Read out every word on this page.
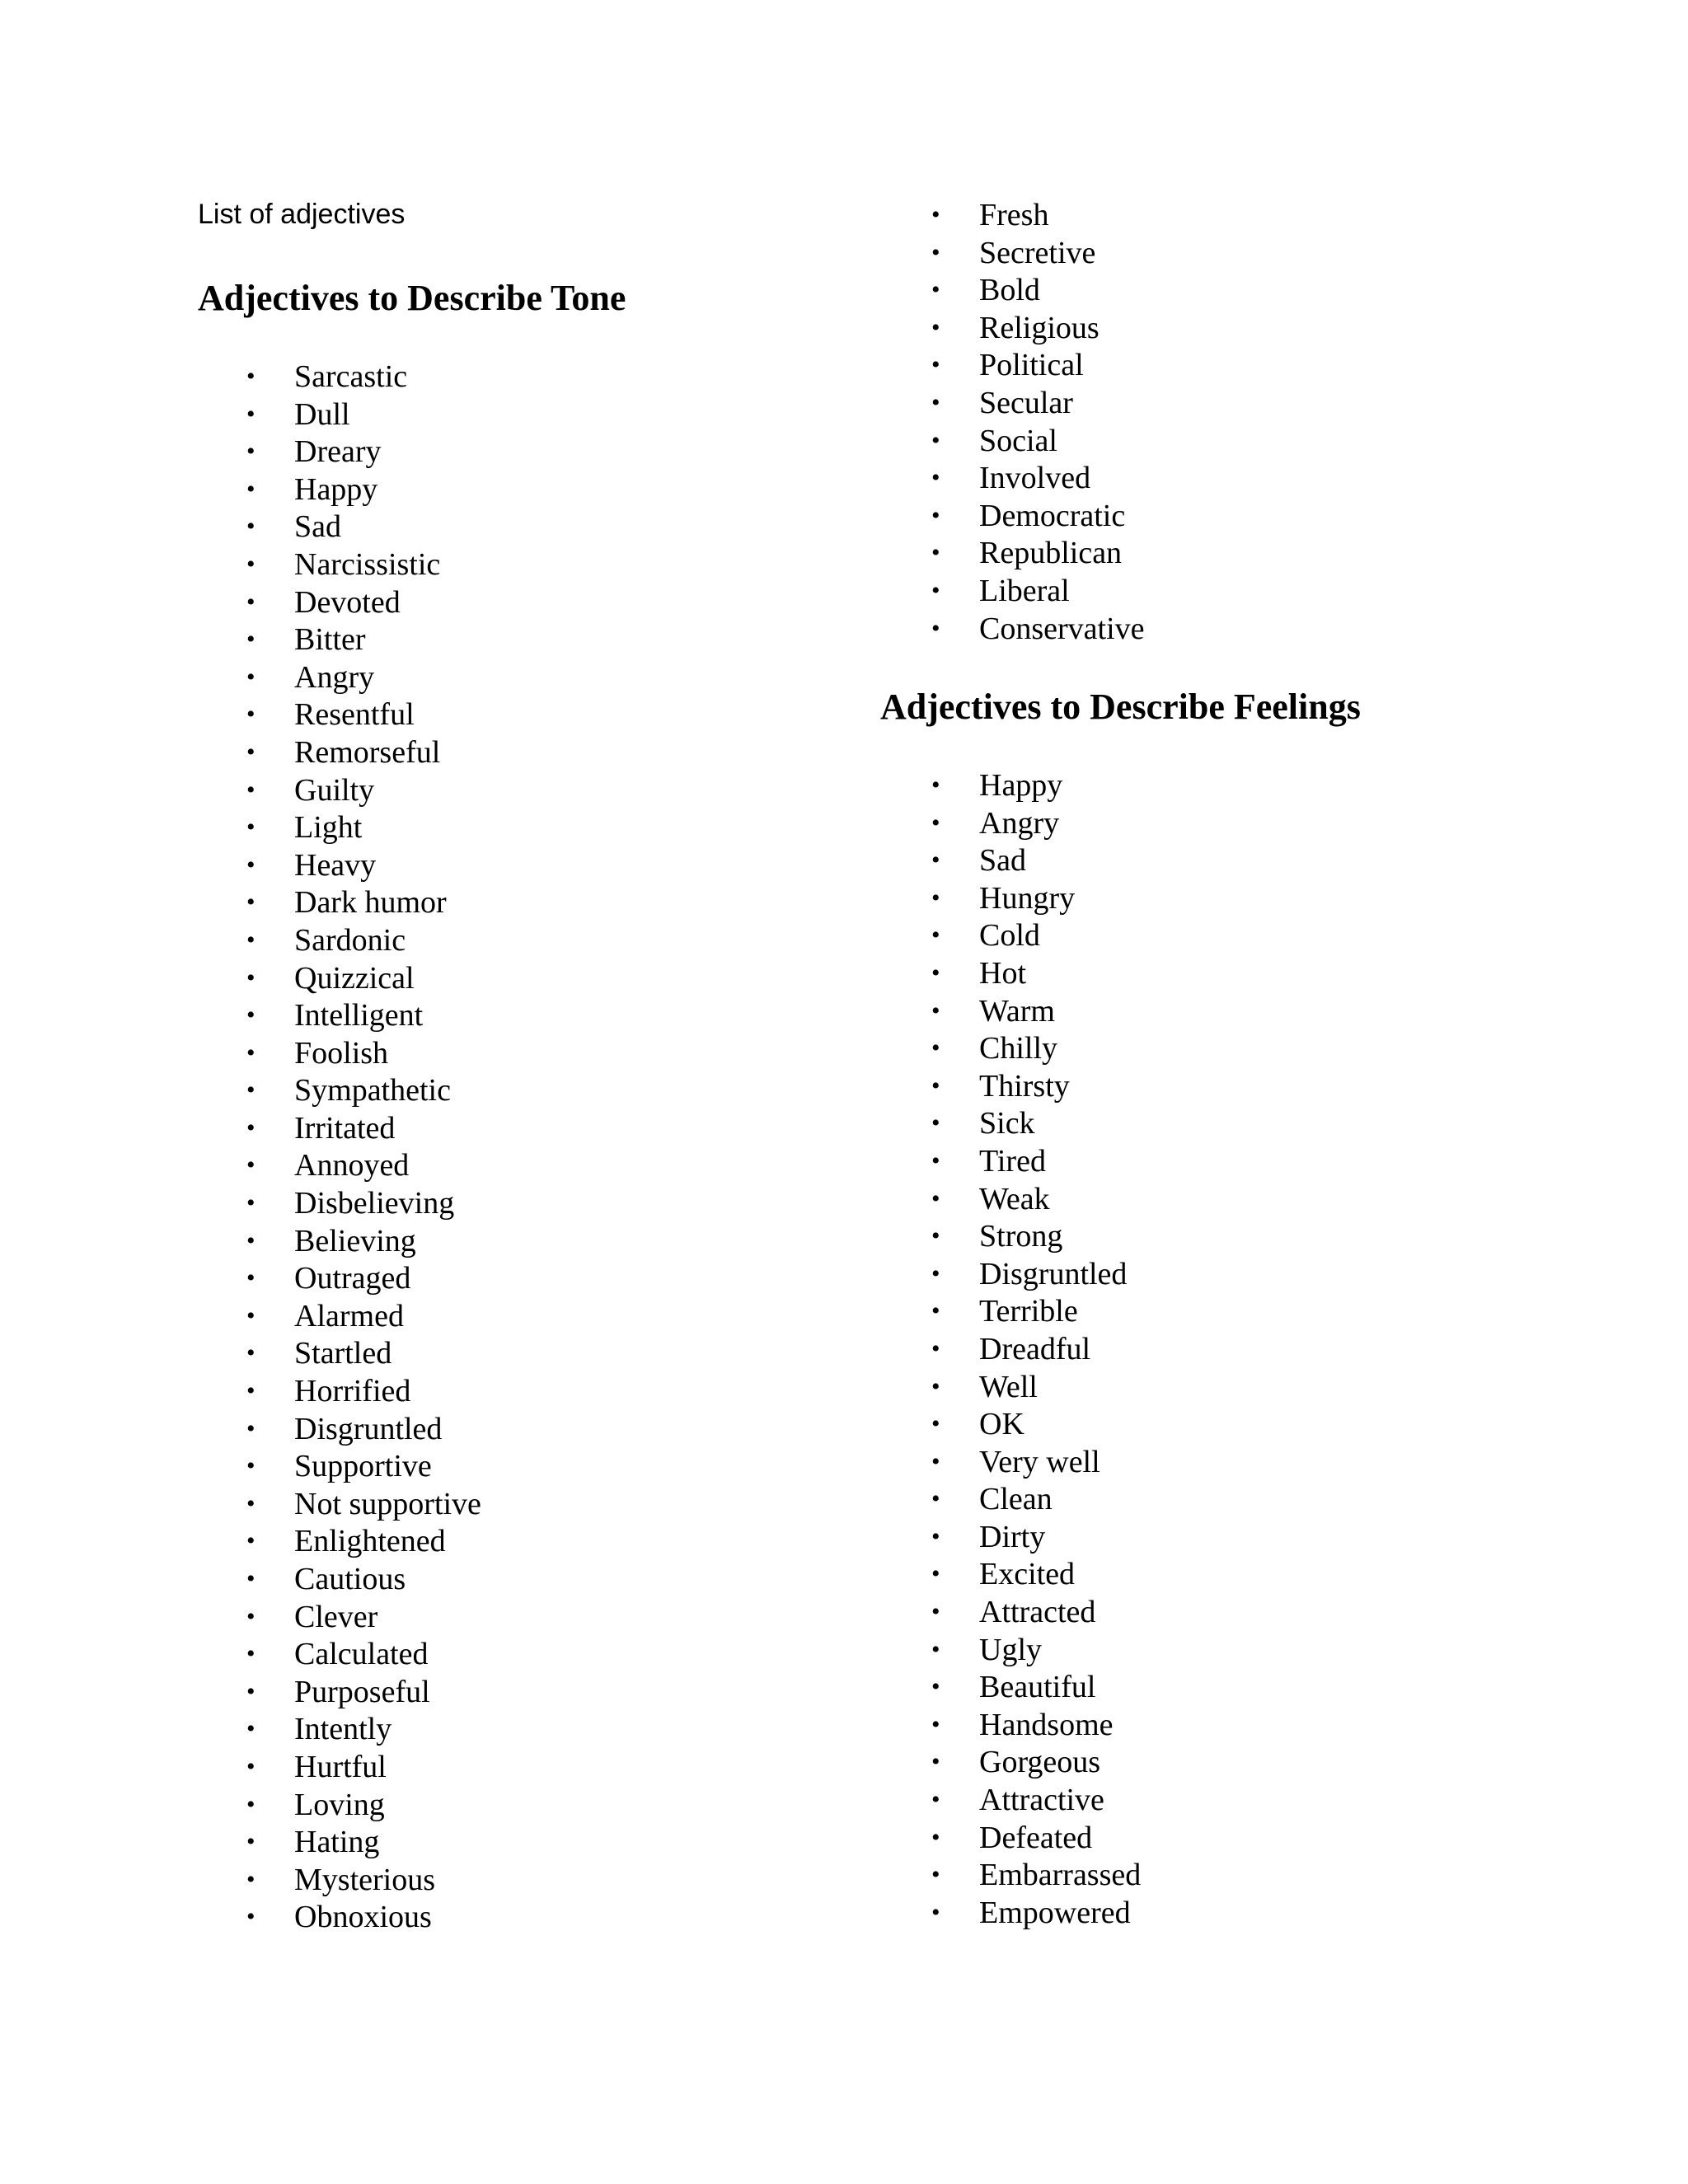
List of adjectives

Adjectives to Describe Tone
• Sarcastic
• Dull
• Dreary
• Happy
• Sad
• Narcissistic
• Devoted
• Bitter
• Angry
• Resentful
• Remorseful
• Guilty
• Light
• Heavy
• Dark humor
• Sardonic
• Quizzical
• Intelligent
• Foolish
• Sympathetic
• Irritated
• Annoyed
• Disbelieving
• Believing
• Outraged
• Alarmed
• Startled
• Horrified
• Disgruntled
• Supportive
• Not supportive
• Enlightened
• Cautious
• Clever
• Calculated
• Purposeful
• Intently
• Hurtful
• Loving
• Hating
• Mysterious
• Obnoxious
• Fresh
• Secretive
• Bold
• Religious
• Political
• Secular
• Social
• Involved
• Democratic
• Republican
• Liberal
• Conservative
Adjectives to Describe Feelings
• Happy
• Angry
• Sad
• Hungry
• Cold
• Hot
• Warm
• Chilly
• Thirsty
• Sick
• Tired
• Weak
• Strong
• Disgruntled
• Terrible
• Dreadful
• Well
• OK
• Very well
• Clean
• Dirty
• Excited
• Attracted
• Ugly
• Beautiful
• Handsome
• Gorgeous
• Attractive
• Defeated
• Embarrassed
• Empowered
